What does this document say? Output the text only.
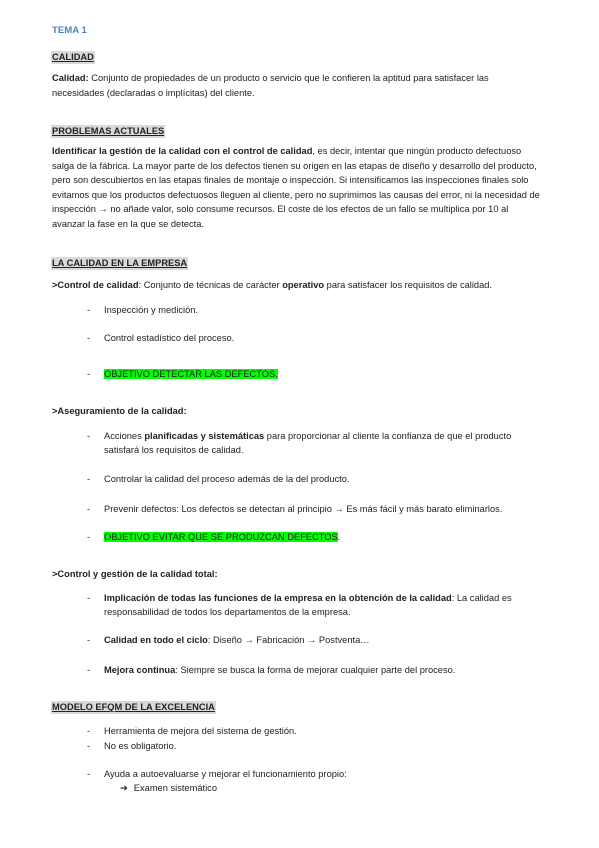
TEMA 1
CALIDAD
Calidad: Conjunto de propiedades de un producto o servicio que le confieren la aptitud para satisfacer las necesidades (declaradas o implícitas) del cliente.
PROBLEMAS ACTUALES
Identificar la gestión de la calidad con el control de calidad, es decir, intentar que ningún producto defectuoso salga de la fábrica. La mayor parte de los defectos tienen su origen en las etapas de diseño y desarrollo del producto, pero son descubiertos en las etapas finales de montaje o inspección. Si intensificamos las inspecciones finales solo evitamos que los productos defectuosos lleguen al cliente, pero no suprimimos las causas del error, ni la necesidad de inspección → no añade valor, solo consume recursos. El coste de los efectos de un fallo se multiplica por 10 al avanzar la fase en la que se detecta.
LA CALIDAD EN LA EMPRESA
>Control de calidad: Conjunto de técnicas de carácter operativo para satisfacer los requisitos de calidad.
- Inspección y medición.
- Control estadístico del proceso.
- OBJETIVO DETECTAR LAS DEFECTOS.
>Aseguramiento de la calidad:
- Acciones planificadas y sistemáticas para proporcionar al cliente la confianza de que el producto satisfará los requisitos de calidad.
- Controlar la calidad del proceso además de la del producto.
- Prevenir defectos: Los defectos se detectan al principio → Es más fácil y más barato eliminarlos.
- OBJETIVO EVITAR QUE SE PRODUZCAN DEFECTOS.
>Control y gestión de la calidad total:
- Implicación de todas las funciones de la empresa en la obtención de la calidad: La calidad es responsabilidad de todos los departamentos de la empresa.
- Calidad en todo el ciclo: Diseño → Fabricación → Postventa…
- Mejora continua: Siempre se busca la forma de mejorar cualquier parte del proceso.
MODELO EFQM DE LA EXCELENCIA
- Herramienta de mejora del sistema de gestión.
- No es obligatorio.
- Ayuda a autoevaluarse y mejorar el funcionamiento propio:
➔ Examen sistemático
